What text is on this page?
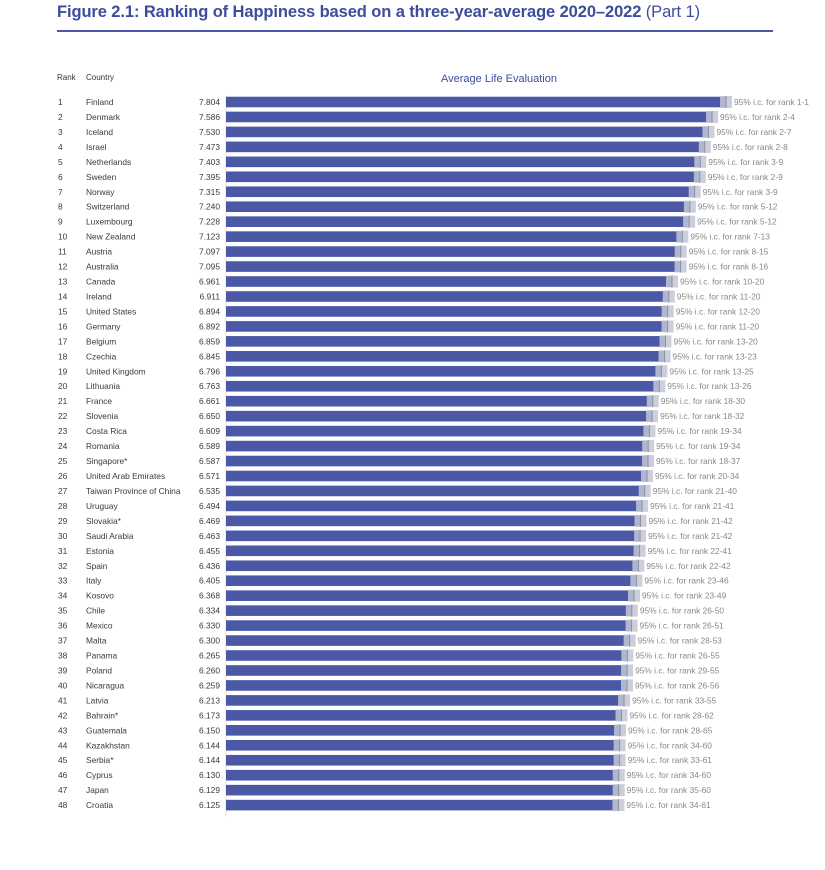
Figure 2.1: Ranking of Happiness based on a three-year-average 2020–2022 (Part 1)
Rank Country	Average Life Evaluation
1	Finland	7.804	95% i.c. for rank 1-1
2	Denmark	7.586	95% i.c. for rank 2-4
3	Iceland	7.530	95% i.c. for rank 2-7
4	Israel	7.473	95% i.c. for rank 2-8
5	Netherlands	7.403	95% i.c. for rank 3-9
6	Sweden	7.395	95% i.c. for rank 2-9
7	Norway	7.315	95% i.c. for rank 3-9
8	Switzerland	7.240	95% i.c. for rank 5-12
9	Luxembourg	7.228	95% i.c. for rank 5-12
10 New Zealand	7.123	95% i.c. for rank 7-13
11 Austria	7.097	95% i.c. for rank 8-15
12 Australia	7.095	95% i.c. for rank 8-16
13 Canada	6.961	95% i.c. for rank 10-20
14 Ireland	6.911	95% i.c. for rank 11-20
15 United States	6.894	95% i.c. for rank 12-20
16 Germany	6.892	95% i.c. for rank 11-20
17 Belgium	6.859	95% i.c. for rank 13-20
18 Czechia	6.845	95% i.c. for rank 13-23
19 United Kingdom	6.796	95% i.c. for rank 13-25
20 Lithuania	6.763	95% i.c. for rank 13-26
21 France	6.661	95% i.c. for rank 18-30
22 Slovenia	6.650	95% i.c. for rank 18-32
23 Costa Rica	6.609	95% i.c. for rank 19-34
24 Romania	6.589	95% i.c. for rank 19-34
25 Singapore*	6.587	95% i.c. for rank 18-37
26 United Arab Emirates	6.571	95% i.c. for rank 20-34
27 Taiwan Province of China 6.535	95% i.c. for rank 21-40
28 Uruguay	6.494	95% i.c. for rank 21-41
29 Slovakia*	6.469	95% i.c. for rank 21-42
30 Saudi Arabia	6.463	95% i.c. for rank 21-42
31 Estonia	6.455	95% i.c. for rank 22-41
32 Spain	6.436	95% i.c. for rank 22-42
33 Italy	6.405	95% i.c. for rank 23-46
34 Kosovo	6.368	95% i.c. for rank 23-49
35 Chile	6.334	95% i.c. for rank 26-50
36 Mexico	6.330	95% i.c. for rank 26-51
37 Malta	6.300	95% i.c. for rank 28-53
38 Panama	6.265	95% i.c. for rank 26-55
39 Poland	6.260	95% i.c. for rank 29-55
40 Nicaragua	6.259	95% i.c. for rank 26-56
41 Latvia	6.213	95% i.c. for rank 33-55
42 Bahrain*	6.173	95% i.c. for rank 28-62
43 Guatemala	6.150	95% i.c. for rank 28-65
44 Kazakhstan	6.144	95% i.c. for rank 34-60
45 Serbia*	6.144	95% i.c. for rank 33-61
46 Cyprus	6.130	95% i.c. for rank 34-60
47 Japan	6.129	95% i.c. for rank 35-60
48 Croatia	6.125	95% i.c. for rank 34-61
